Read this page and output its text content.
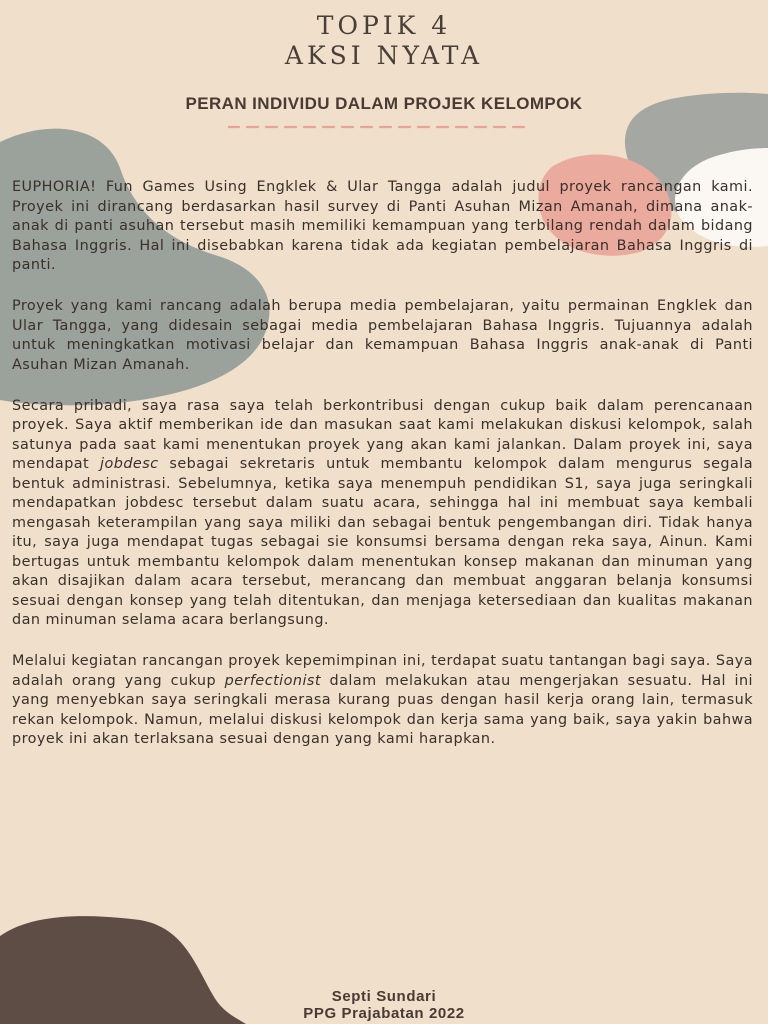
TOPIK 4
AKSI NYATA
PERAN INDIVIDU DALAM PROJEK KELOMPOK

EUPHORIA! Fun Games Using Engklek & Ular Tangga adalah judul proyek rancangan kami. Proyek ini dirancang berdasarkan hasil survey di Panti Asuhan Mizan Amanah, dimana anak-anak di panti asuhan tersebut masih memiliki kemampuan yang terbilang rendah dalam bidang Bahasa Inggris. Hal ini disebabkan karena tidak ada kegiatan pembelajaran Bahasa Inggris di panti.

Proyek yang kami rancang adalah berupa media pembelajaran, yaitu permainan Engklek dan Ular Tangga, yang didesain sebagai media pembelajaran Bahasa Inggris. Tujuannya adalah untuk meningkatkan motivasi belajar dan kemampuan Bahasa Inggris anak-anak di Panti Asuhan Mizan Amanah.

Secara pribadi, saya rasa saya telah berkontribusi dengan cukup baik dalam perencanaan proyek. Saya aktif memberikan ide dan masukan saat kami melakukan diskusi kelompok, salah satunya pada saat kami menentukan proyek yang akan kami jalankan. Dalam proyek ini, saya mendapat jobdesc sebagai sekretaris untuk membantu kelompok dalam mengurus segala bentuk administrasi. Sebelumnya, ketika saya menempuh pendidikan S1, saya juga seringkali mendapatkan jobdesc tersebut dalam suatu acara, sehingga hal ini membuat saya kembali mengasah keterampilan yang saya miliki dan sebagai bentuk pengembangan diri. Tidak hanya itu, saya juga mendapat tugas sebagai sie konsumsi bersama dengan reka saya, Ainun. Kami bertugas untuk membantu kelompok dalam menentukan konsep makanan dan minuman yang akan disajikan dalam acara tersebut, merancang dan membuat anggaran belanja konsumsi sesuai dengan konsep yang telah ditentukan, dan menjaga ketersediaan dan kualitas makanan dan minuman selama acara berlangsung.

Melalui kegiatan rancangan proyek kepemimpinan ini, terdapat suatu tantangan bagi saya. Saya adalah orang yang cukup perfectionist dalam melakukan atau mengerjakan sesuatu. Hal ini yang menyebkan saya seringkali merasa kurang puas dengan hasil kerja orang lain, termasuk rekan kelompok. Namun, melalui diskusi kelompok dan kerja sama yang baik, saya yakin bahwa proyek ini akan terlaksana sesuai dengan yang kami harapkan.

Septi Sundari

PPG Prajabatan 2022
